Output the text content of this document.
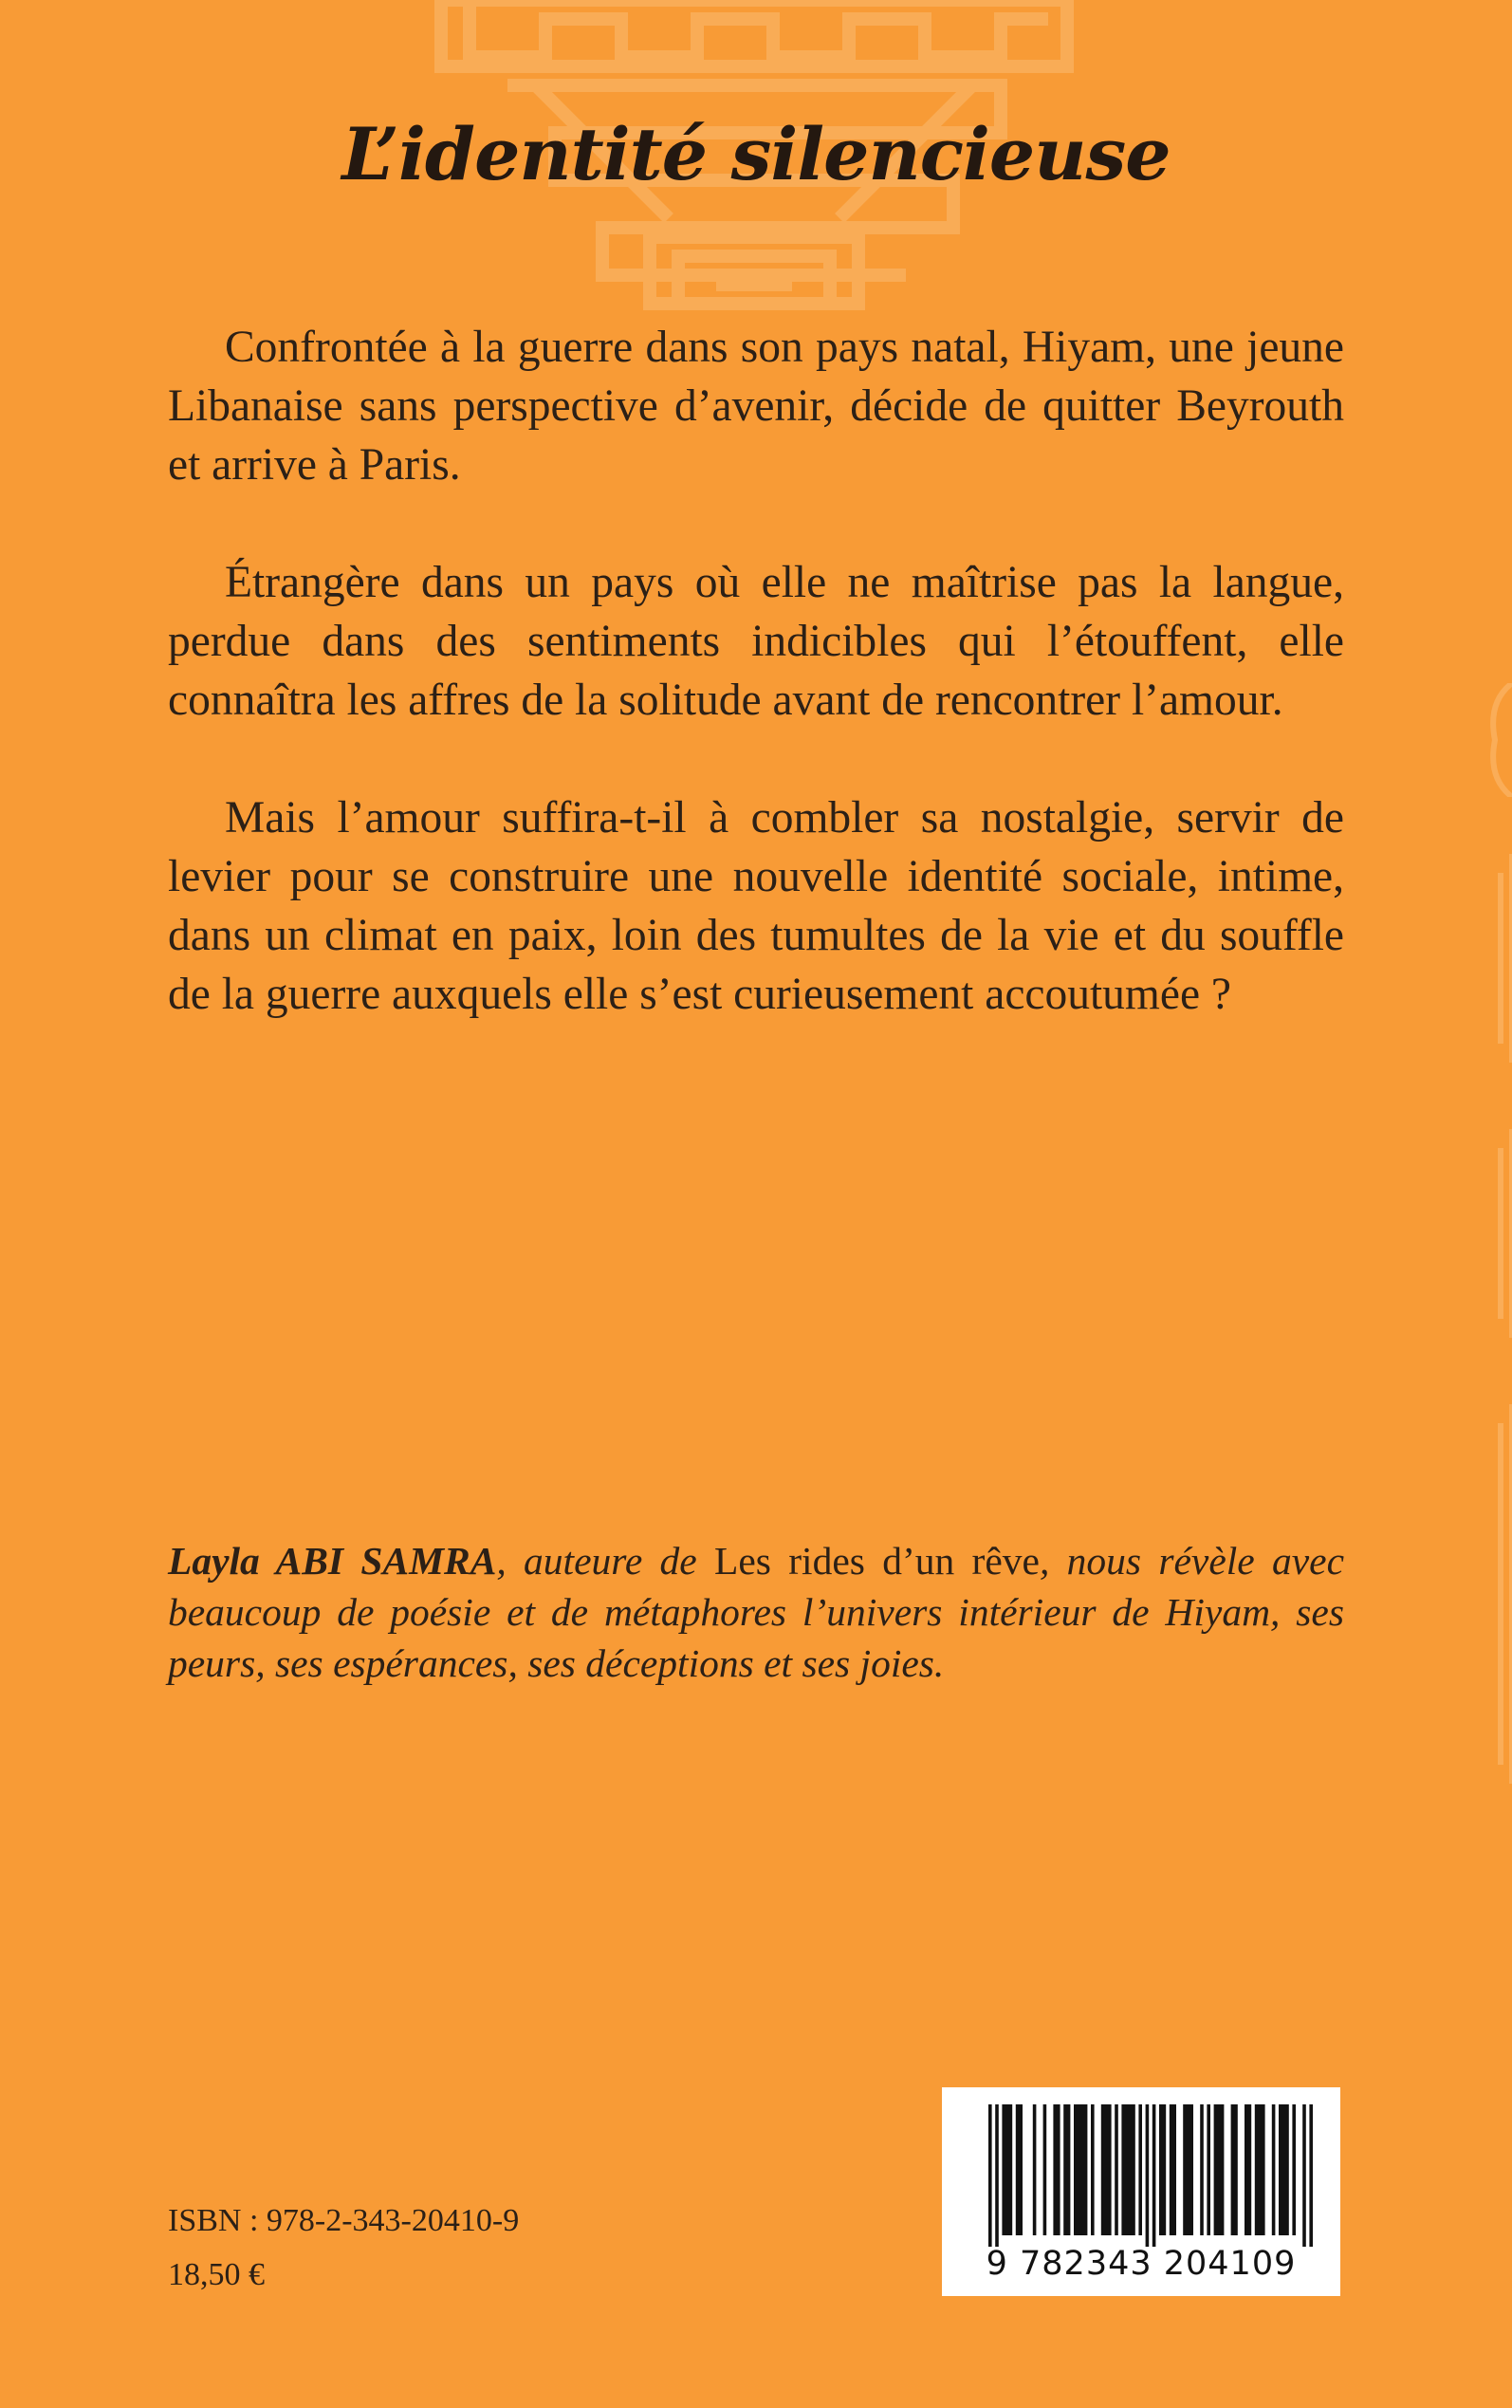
L’identité silencieuse

Confrontée à la guerre dans son pays natal, Hiyam, une jeune Libanaise sans perspective d’avenir, décide de quitter Beyrouth et arrive à Paris.

Étrangère dans un pays où elle ne maîtrise pas la langue, perdue dans des sentiments indicibles qui l’étouffent, elle connaîtra les affres de la solitude avant de rencontrer l’amour.

Mais l’amour suffira-t-il à combler sa nostalgie, servir de levier pour se construire une nouvelle identité sociale, intime, dans un climat en paix, loin des tumultes de la vie et du souffle de la guerre auxquels elle s’est curieusement accoutumée ?

Layla ABI SAMRA, auteure de Les rides d’un rêve, nous révèle avec beaucoup de poésie et de métaphores l’univers intérieur de Hiyam, ses peurs, ses espérances, ses déceptions et ses joies.

ISBN : 978-2-343-20410-9
18,50 €	9 782343 204109
